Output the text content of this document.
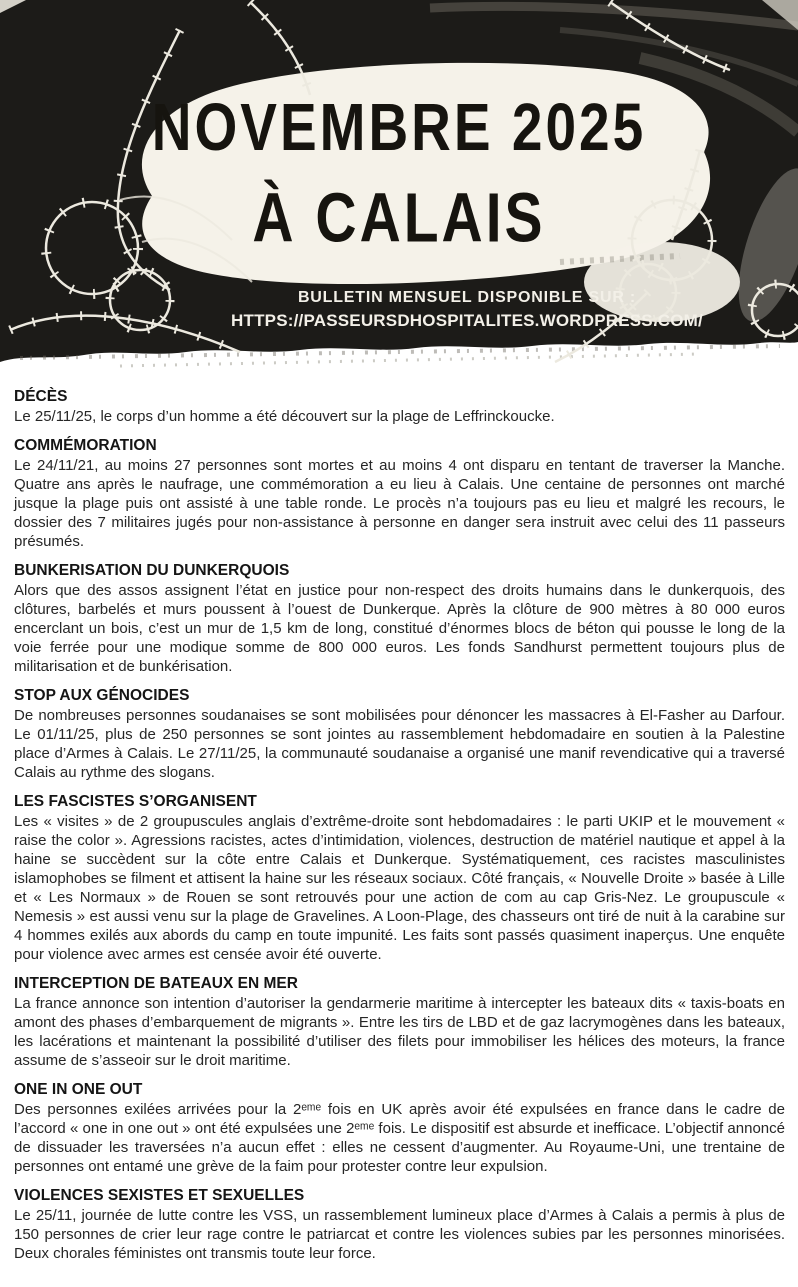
NOVEMBRE 2025
À CALAIS
BULLETIN MENSUEL DISPONIBLE SUR :
HTTPS://PASSEURSDHOSPITALITES.WORDPRESS.COM/
DÉCÈS

Le 25/11/25, le corps d’un homme a été découvert sur la plage de Leffrinckoucke.

COMMÉMORATION

Le 24/11/21, au moins 27 personnes sont mortes et au moins 4 ont disparu en tentant de traverser la Manche. Quatre ans après le naufrage, une commémoration a eu lieu à Calais. Une centaine de personnes ont marché jusque la plage puis ont assisté à une table ronde. Le procès n’a toujours pas eu lieu et malgré les recours, le dossier des 7 militaires jugés pour non-assistance à personne en danger sera instruit avec celui des 11 passeurs présumés.

BUNKERISATION DU DUNKERQUOIS

Alors que des assos assignent l’état en justice pour non-respect des droits humains dans le dunkerquois, des clôtures, barbelés et murs poussent à l’ouest de Dunkerque. Après la clôture de 900 mètres à 80 000 euros encerclant un bois, c’est un mur de 1,5 km de long, constitué d’énormes blocs de béton qui pousse le long de la voie ferrée pour une modique somme de 800 000 euros. Les fonds Sandhurst permettent toujours plus de militarisation et de bunkérisation.

STOP AUX GÉNOCIDES

De nombreuses personnes soudanaises se sont mobilisées pour dénoncer les massacres à El-Fasher au Darfour. Le 01/11/25, plus de 250 personnes se sont jointes au rassemblement hebdomadaire en soutien à la Palestine place d’Armes à Calais. Le 27/11/25, la communauté soudanaise a organisé une manif revendicative qui a traversé Calais au rythme des slogans.

LES FASCISTES S’ORGANISENT

Les « visites » de 2 groupuscules anglais d’extrême-droite sont hebdomadaires : le parti UKIP et le mouvement « raise the color ». Agressions racistes, actes d’intimidation, violences, destruction de matériel nautique et appel à la haine se succèdent sur la côte entre Calais et Dunkerque. Systématiquement, ces racistes masculinistes islamophobes se filment et attisent la haine sur les réseaux sociaux. Côté français, « Nouvelle Droite » basée à Lille et « Les Normaux » de Rouen se sont retrouvés pour une action de com au cap Gris-Nez. Le groupuscule « Nemesis » est aussi venu sur la plage de Gravelines. A Loon-Plage, des chasseurs ont tiré de nuit à la carabine sur 4 hommes exilés aux abords du camp en toute impunité. Les faits sont passés quasiment inaperçus. Une enquête pour violence avec armes est censée avoir été ouverte.

INTERCEPTION DE BATEAUX EN MER

La france annonce son intention d’autoriser la gendarmerie maritime à intercepter les bateaux dits « taxis-boats en amont des phases d’embarquement de migrants ». Entre les tirs de LBD et de gaz lacrymogènes dans les bateaux, les lacérations et maintenant la possibilité d’utiliser des filets pour immobiliser les hélices des moteurs, la france assume de s’asseoir sur le droit maritime.

ONE IN ONE OUT

Des personnes exilées arrivées pour la 2ᵉᵐᵉ fois en UK après avoir été expulsées en france dans le cadre de l’accord « one in one out » ont été expulsées une 2ᵉᵐᵉ fois. Le dispositif est absurde et inefficace. L’objectif annoncé de dissuader les traversées n’a aucun effet : elles ne cessent d’augmenter. Au Royaume-Uni, une trentaine de personnes ont entamé une grève de la faim pour protester contre leur expulsion.

VIOLENCES SEXISTES ET SEXUELLES

Le 25/11, journée de lutte contre les VSS, un rassemblement lumineux place d’Armes à Calais a permis à plus de 150 personnes de crier leur rage contre le patriarcat et contre les violences subies par les personnes minorisées. Deux chorales féministes ont transmis toute leur force.
